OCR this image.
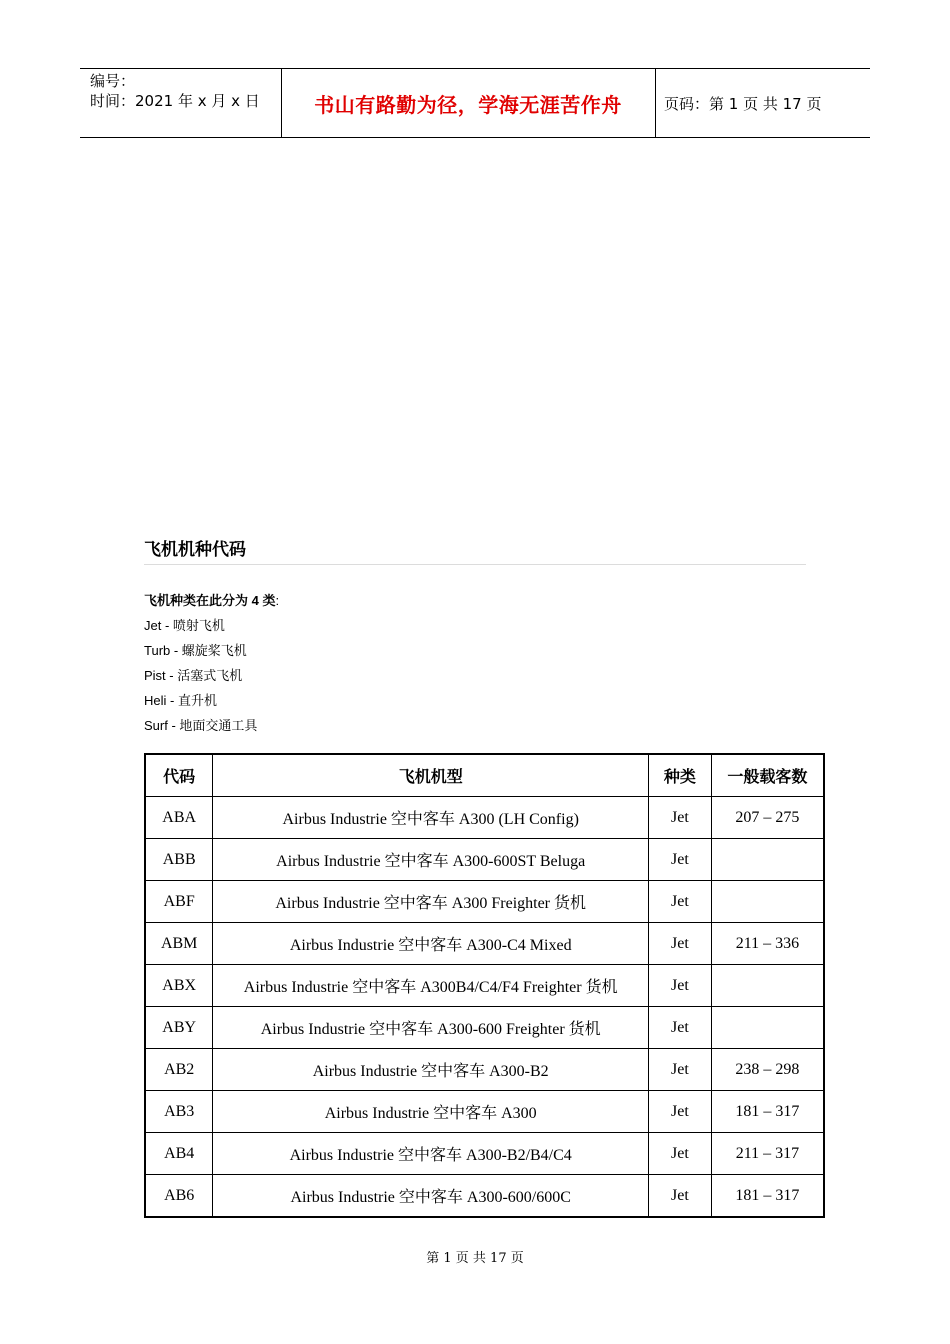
编号：
时间：2021 年 x 月 x 日	书山有路勤为径，学海无涯苦作舟	页码：第 1 页 共 17 页
飞机机种代码
飞机种类在此分为 4 类:
Jet - 喷射飞机
Turb - 螺旋桨飞机
Pist - 活塞式飞机
Heli - 直升机
Surf - 地面交通工具
代码	飞机机型	种类	一般载客数
ABA	Airbus Industrie 空中客车 A300 (LH Config)	Jet	207 – 275
ABB	Airbus Industrie 空中客车 A300-600ST Beluga	Jet	
ABF	Airbus Industrie 空中客车 A300 Freighter 货机	Jet	
ABM	Airbus Industrie 空中客车 A300-C4 Mixed	Jet	211 – 336
ABX	Airbus Industrie 空中客车 A300B4/C4/F4 Freighter 货机	Jet	
ABY	Airbus Industrie 空中客车 A300-600 Freighter 货机	Jet	
AB2	Airbus Industrie 空中客车 A300-B2	Jet	238 – 298
AB3	Airbus Industrie 空中客车 A300	Jet	181 – 317
AB4	Airbus Industrie 空中客车 A300-B2/B4/C4	Jet	211 – 317
AB6	Airbus Industrie 空中客车 A300-600/600C	Jet	181 – 317
第 1 页 共 17 页
